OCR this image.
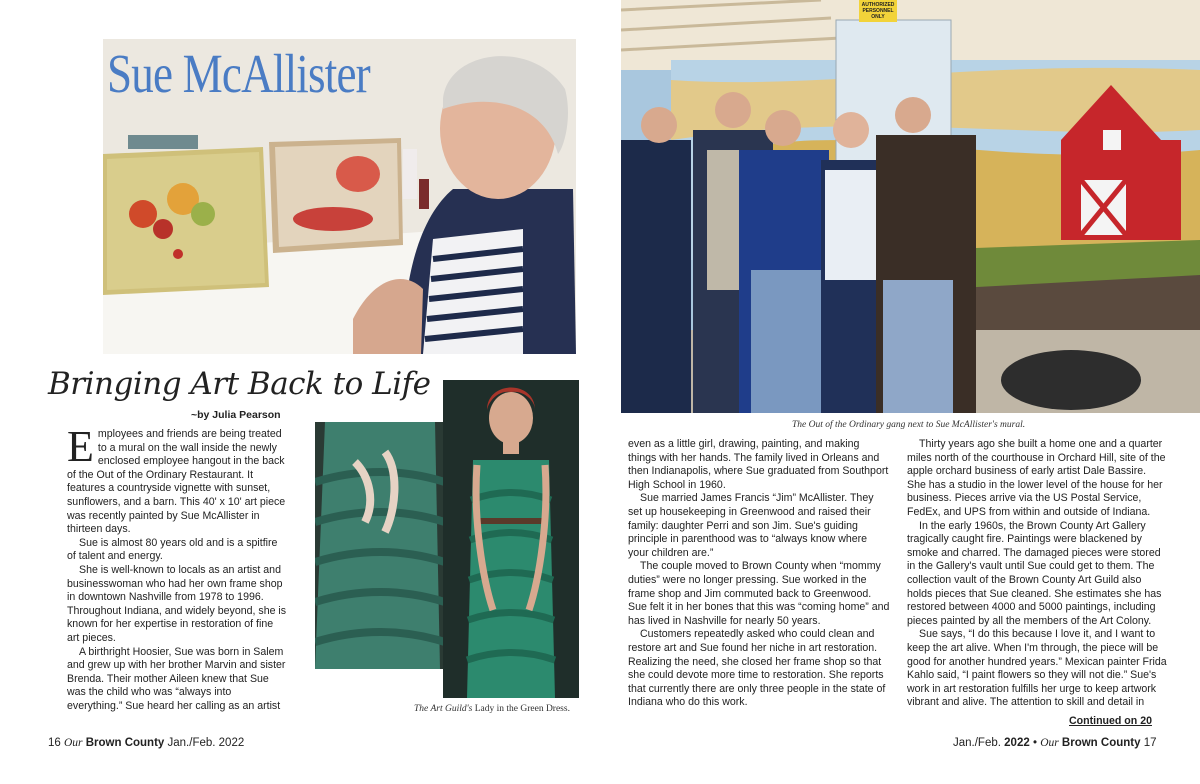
Sue McAllister
Bringing Art Back to Life
~by Julia Pearson

Employees and friends are being treated to a mural on the wall inside the newly enclosed employee hangout in the back of the Out of the Ordinary Restaurant. It features a countryside vignette with sunset, sunflowers, and a barn. This 40' x 10' art piece was recently painted by Sue McAllister in thirteen days.

Sue is almost 80 years old and is a spitfire of talent and energy.

She is well-known to locals as an artist and businesswoman who had her own frame shop in downtown Nashville from 1978 to 1996. Throughout Indiana, and widely beyond, she is known for her expertise in restoration of fine art pieces.

A birthright Hoosier, Sue was born in Salem and grew up with her brother Marvin and sister Brenda. Their mother Aileen knew that Sue was the child who was “always into everything.” Sue heard her calling as an artist	The Art Guild's Lady in the Green Dress.
16 Our Brown County Jan./Feb. 2022
AUTHORIZED PERSONNEL ONLY
The Out of the Ordinary gang next to Sue McAllister's mural.

even as a little girl, drawing, painting, and making things with her hands. The family lived in Orleans and then Indianapolis, where Sue graduated from Southport High School in 1960.

Sue married James Francis “Jim” McAllister. They set up housekeeping in Greenwood and raised their family: daughter Perri and son Jim. Sue's guiding principle in parenthood was to “always know where your children are.”

The couple moved to Brown County when “mommy duties” were no longer pressing. Sue worked in the frame shop and Jim commuted back to Greenwood. Sue felt it in her bones that this was “coming home” and has lived in Nashville for nearly 50 years.

Customers repeatedly asked who could clean and restore art and Sue found her niche in art restoration. Realizing the need, she closed her frame shop so that she could devote more time to restoration. She reports that currently there are only three people in the state of Indiana who do this work.

Thirty years ago she built a home one and a quarter miles north of the courthouse in Orchard Hill, site of the apple orchard business of early artist Dale Bassire. She has a studio in the lower level of the house for her business. Pieces arrive via the US Postal Service, FedEx, and UPS from within and outside of Indiana.

In the early 1960s, the Brown County Art Gallery tragically caught fire. Paintings were blackened by smoke and charred. The damaged pieces were stored in the Gallery's vault until Sue could get to them. The collection vault of the Brown County Art Guild also holds pieces that Sue cleaned. She estimates she has restored between 4000 and 5000 paintings, including pieces painted by all the members of the Art Colony.

Sue says, “I do this because I love it, and I want to keep the art alive. When I'm through, the piece will be good for another hundred years.” Mexican painter Frida Kahlo said, “I paint flowers so they will not die.” Sue's work in art restoration fulfills her urge to keep artwork vibrant and alive. The attention to skill and detail in

Continued on 20
Jan./Feb. 2022 • Our Brown County 17
